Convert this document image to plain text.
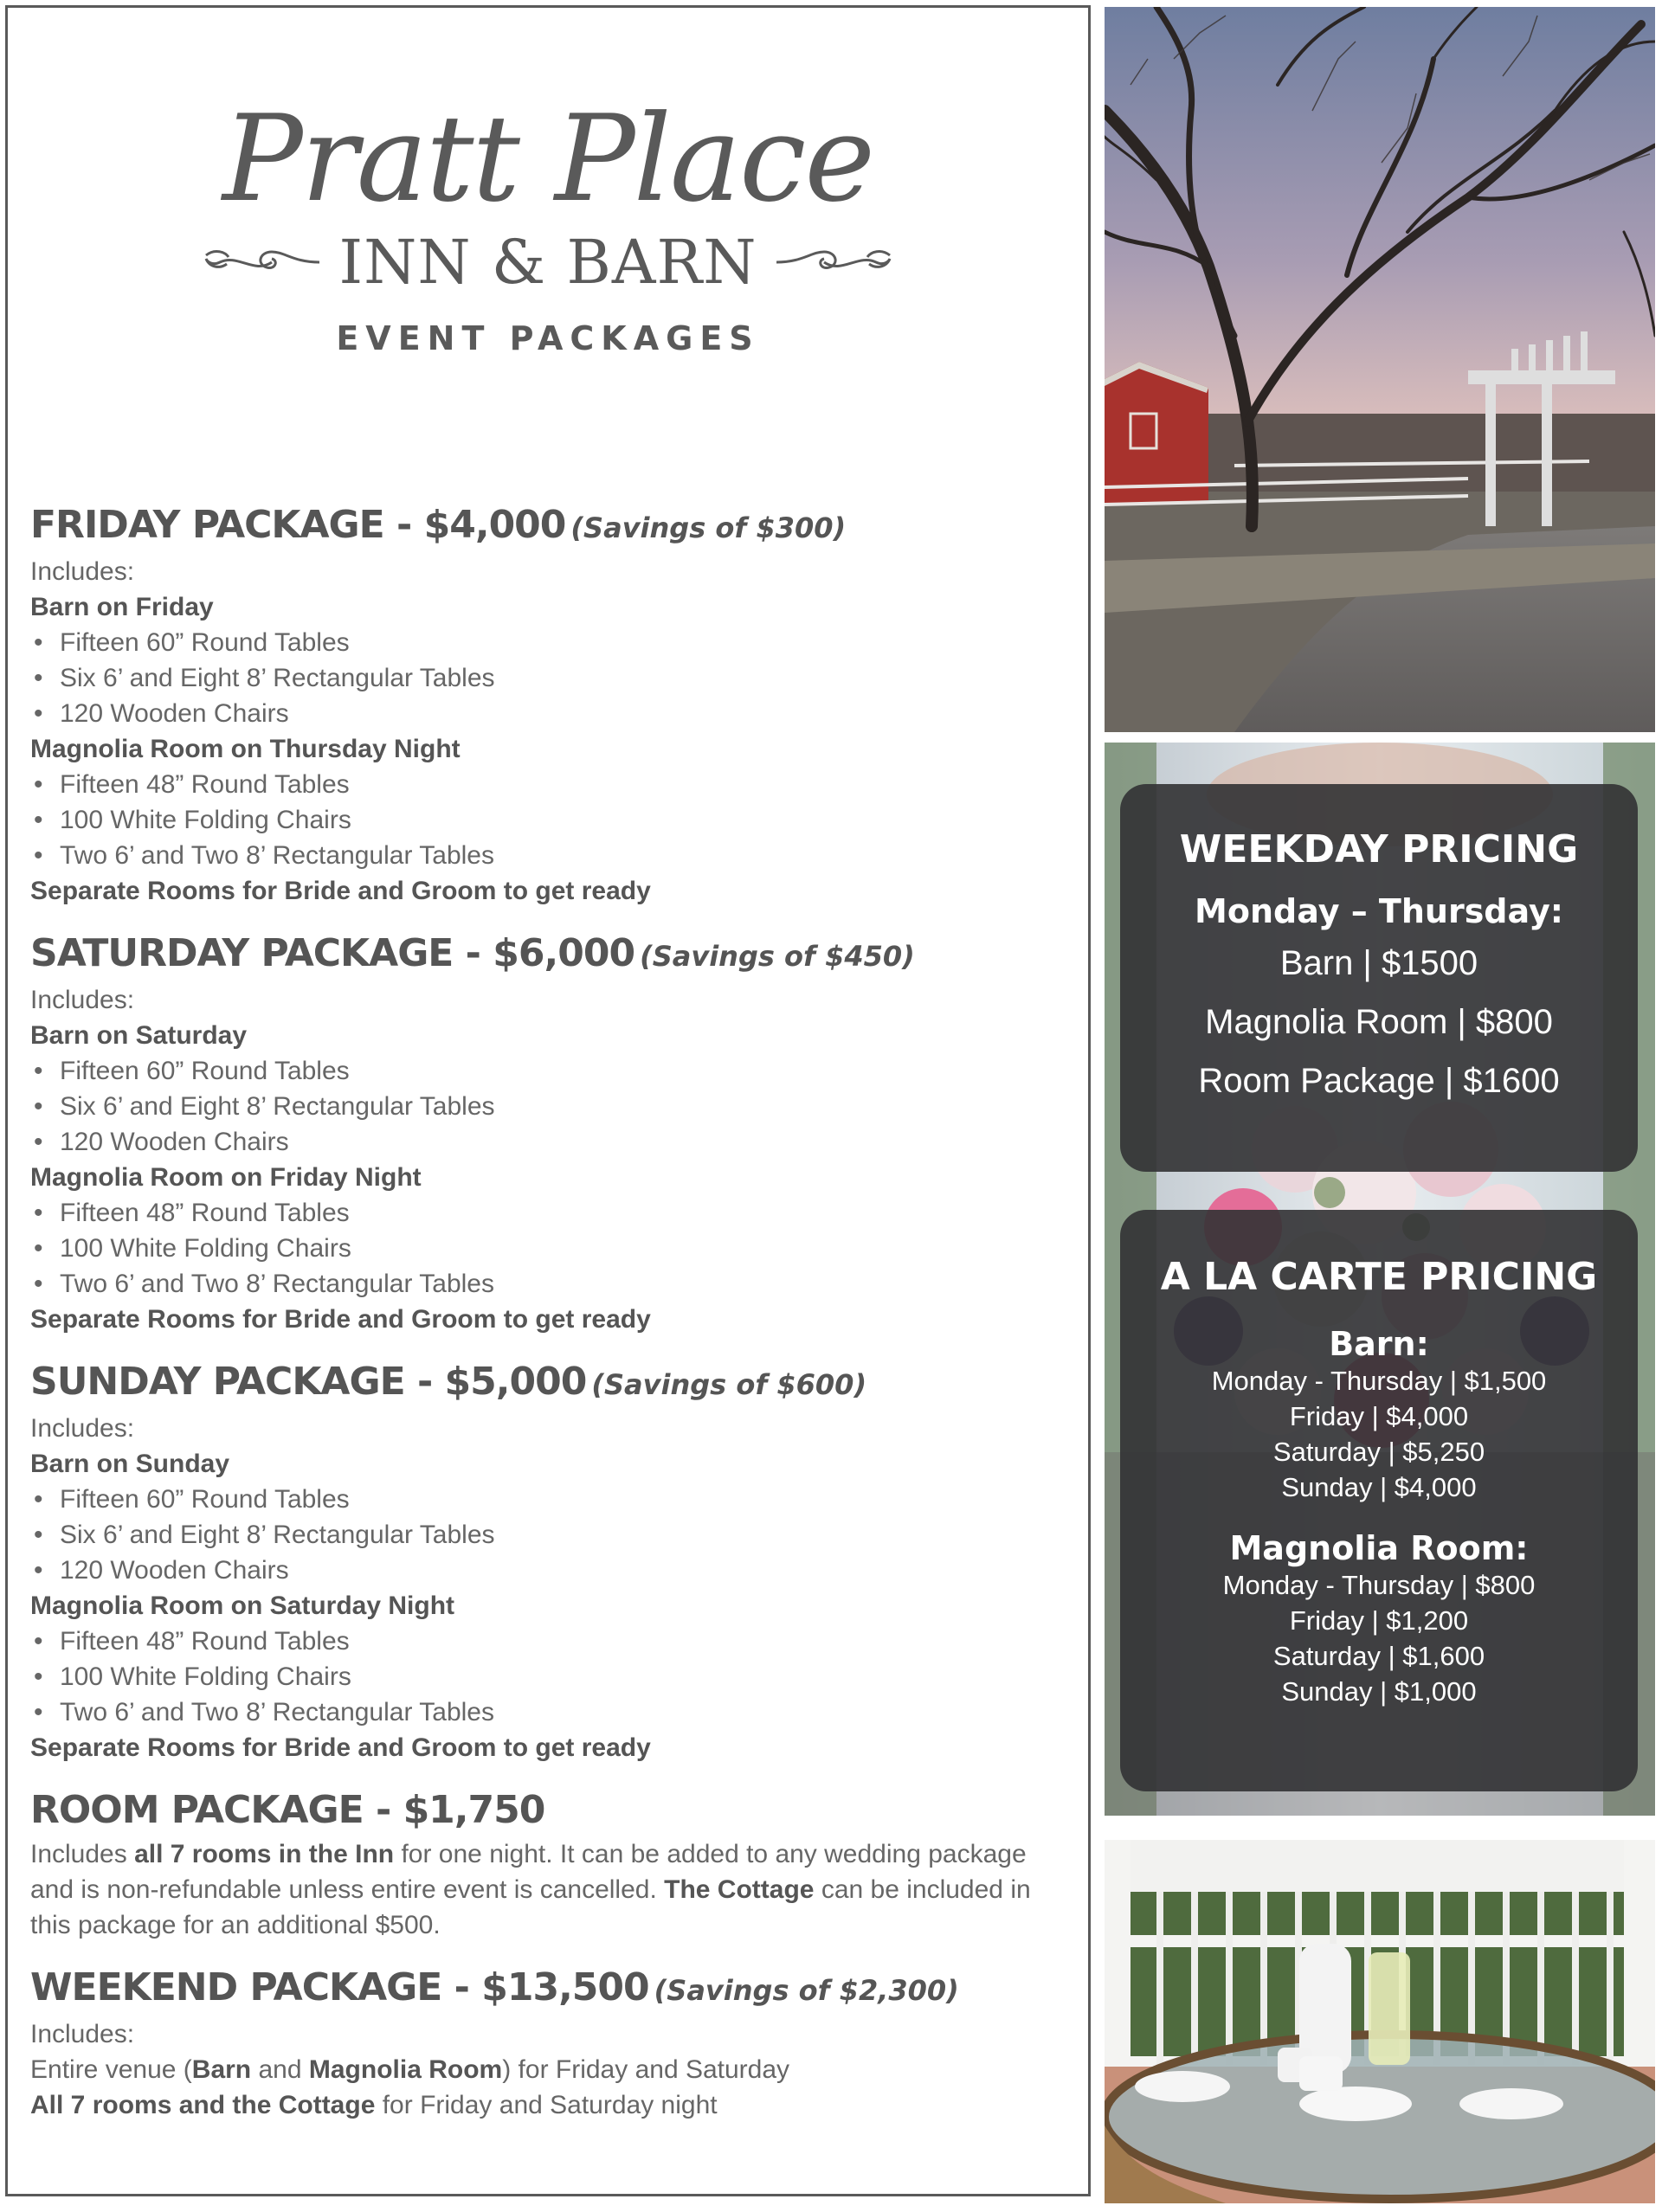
Pratt Place
INN & BARN
EVENT PACKAGES
FRIDAY PACKAGE - $4,000 (Savings of $300)
Includes:
Barn on Friday
• Fifteen 60” Round Tables
• Six 6’ and Eight 8’ Rectangular Tables
• 120 Wooden Chairs
Magnolia Room on Thursday Night
• Fifteen 48” Round Tables
• 100 White Folding Chairs
• Two 6’ and Two 8’ Rectangular Tables
Separate Rooms for Bride and Groom to get ready
SATURDAY PACKAGE - $6,000 (Savings of $450)
Includes:
Barn on Saturday
• Fifteen 60” Round Tables
• Six 6’ and Eight 8’ Rectangular Tables
• 120 Wooden Chairs
Magnolia Room on Friday Night
• Fifteen 48” Round Tables
• 100 White Folding Chairs
• Two 6’ and Two 8’ Rectangular Tables
Separate Rooms for Bride and Groom to get ready
SUNDAY PACKAGE - $5,000 (Savings of $600)
Includes:
Barn on Sunday
• Fifteen 60” Round Tables
• Six 6’ and Eight 8’ Rectangular Tables
• 120 Wooden Chairs
Magnolia Room on Saturday Night
• Fifteen 48” Round Tables
• 100 White Folding Chairs
• Two 6’ and Two 8’ Rectangular Tables
Separate Rooms for Bride and Groom to get ready
ROOM PACKAGE - $1,750
Includes all 7 rooms in the Inn for one night. It can be added to any wedding package and is non-refundable unless entire event is cancelled. The Cottage can be included in this package for an additional $500.
WEEKEND PACKAGE - $13,500 (Savings of $2,300)
Includes:
Entire venue (Barn and Magnolia Room) for Friday and Saturday
All 7 rooms and the Cottage for Friday and Saturday night
WEEKDAY PRICING
Monday – Thursday:
Barn | $1500
Magnolia Room | $800
Room Package | $1600
A LA CARTE PRICING
Barn:
Monday - Thursday | $1,500
Friday | $4,000
Saturday | $5,250
Sunday | $4,000
Magnolia Room:
Monday - Thursday | $800
Friday | $1,200
Saturday | $1,600
Sunday | $1,000
